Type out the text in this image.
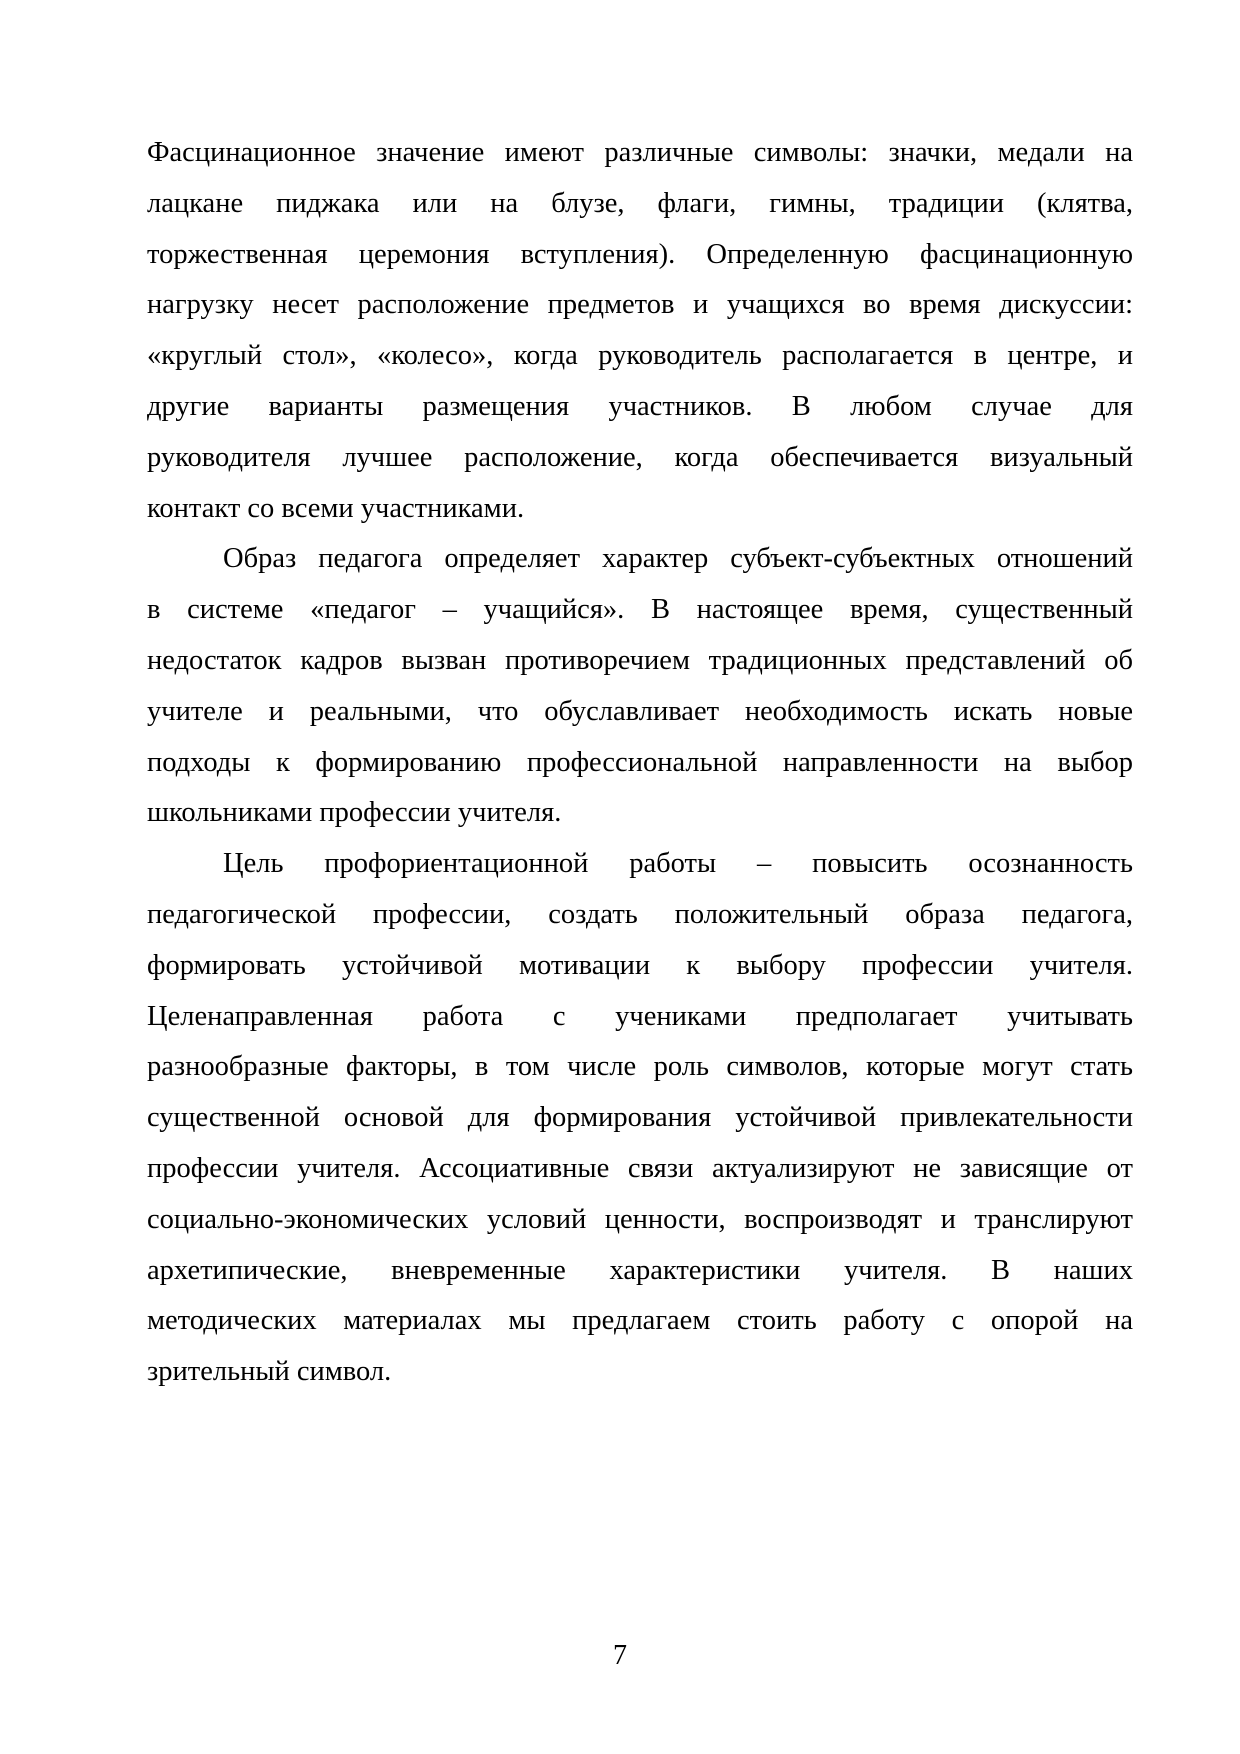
Фасцинационное значение имеют различные символы: значки, медали на
лацкане пиджака или на блузе, флаги, гимны, традиции (клятва,
торжественная церемония вступления). Определенную фасцинационную
нагрузку несет расположение предметов и учащихся во время дискуссии:
«круглый стол», «колесо», когда руководитель располагается в центре, и
другие варианты размещения участников. В любом случае для
руководителя лучшее расположение, когда обеспечивается визуальный
контакт со всеми участниками.
Образ педагога определяет характер субъект-субъектных отношений
в системе «педагог – учащийся». В настоящее время, существенный
недостаток кадров вызван противоречием традиционных представлений об
учителе и реальными, что обуславливает необходимость искать новые
подходы к формированию профессиональной направленности на выбор
школьниками профессии учителя.
Цель профориентационной работы – повысить осознанность
педагогической профессии, создать положительный образа педагога,
формировать устойчивой мотивации к выбору профессии учителя.
Целенаправленная работа с учениками предполагает учитывать
разнообразные факторы, в том числе роль символов, которые могут стать
существенной основой для формирования устойчивой привлекательности
профессии учителя. Ассоциативные связи актуализируют не зависящие от
социально-экономических условий ценности, воспроизводят и транслируют
архетипические, вневременные характеристики учителя. В наших
методических материалах мы предлагаем стоить работу с опорой на
зрительный символ.
7
